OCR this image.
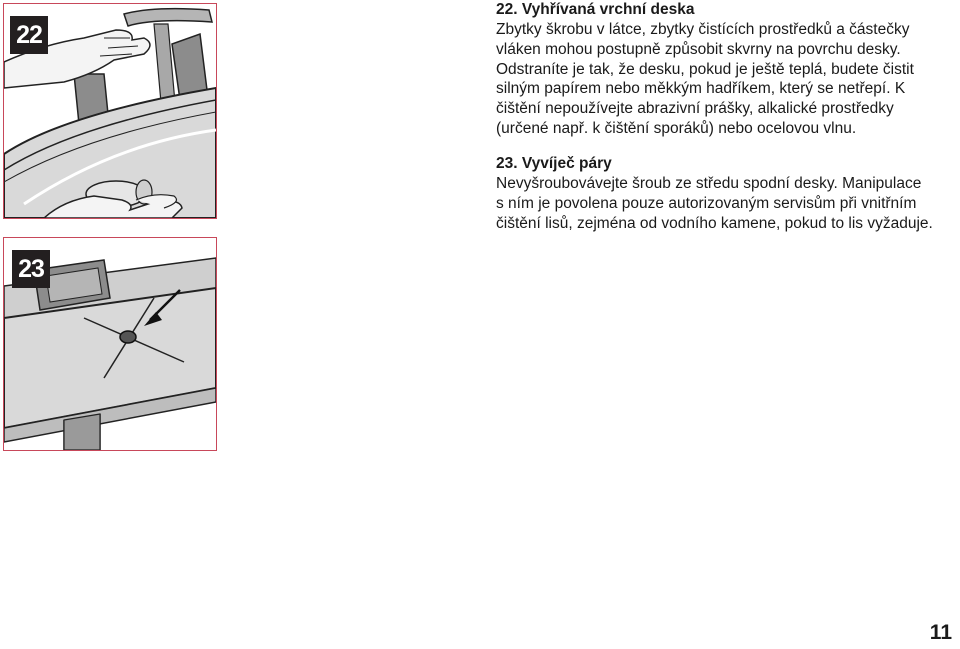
22
23

22. Vyhřívaná vrchní deska

Zbytky škrobu v látce, zbytky čistících prostředků a částečky

vláken mohou postupně způsobit skvrny na povrchu desky.

Odstraníte je tak, že desku, pokud je ještě teplá, budete čistit

silným papírem nebo měkkým hadříkem, který se netřepí. K

čištění nepoužívejte abrazivní prášky, alkalické prostředky

(určené např. k čištění sporáků) nebo ocelovou vlnu.

23. Vyvíječ páry

Nevyšroubovávejte šroub ze středu spodní desky. Manipulace

s ním je povolena pouze autorizovaným servisům při vnitřním

čištění lisů, zejména od vodního kamene, pokud to lis vyžaduje.

11
